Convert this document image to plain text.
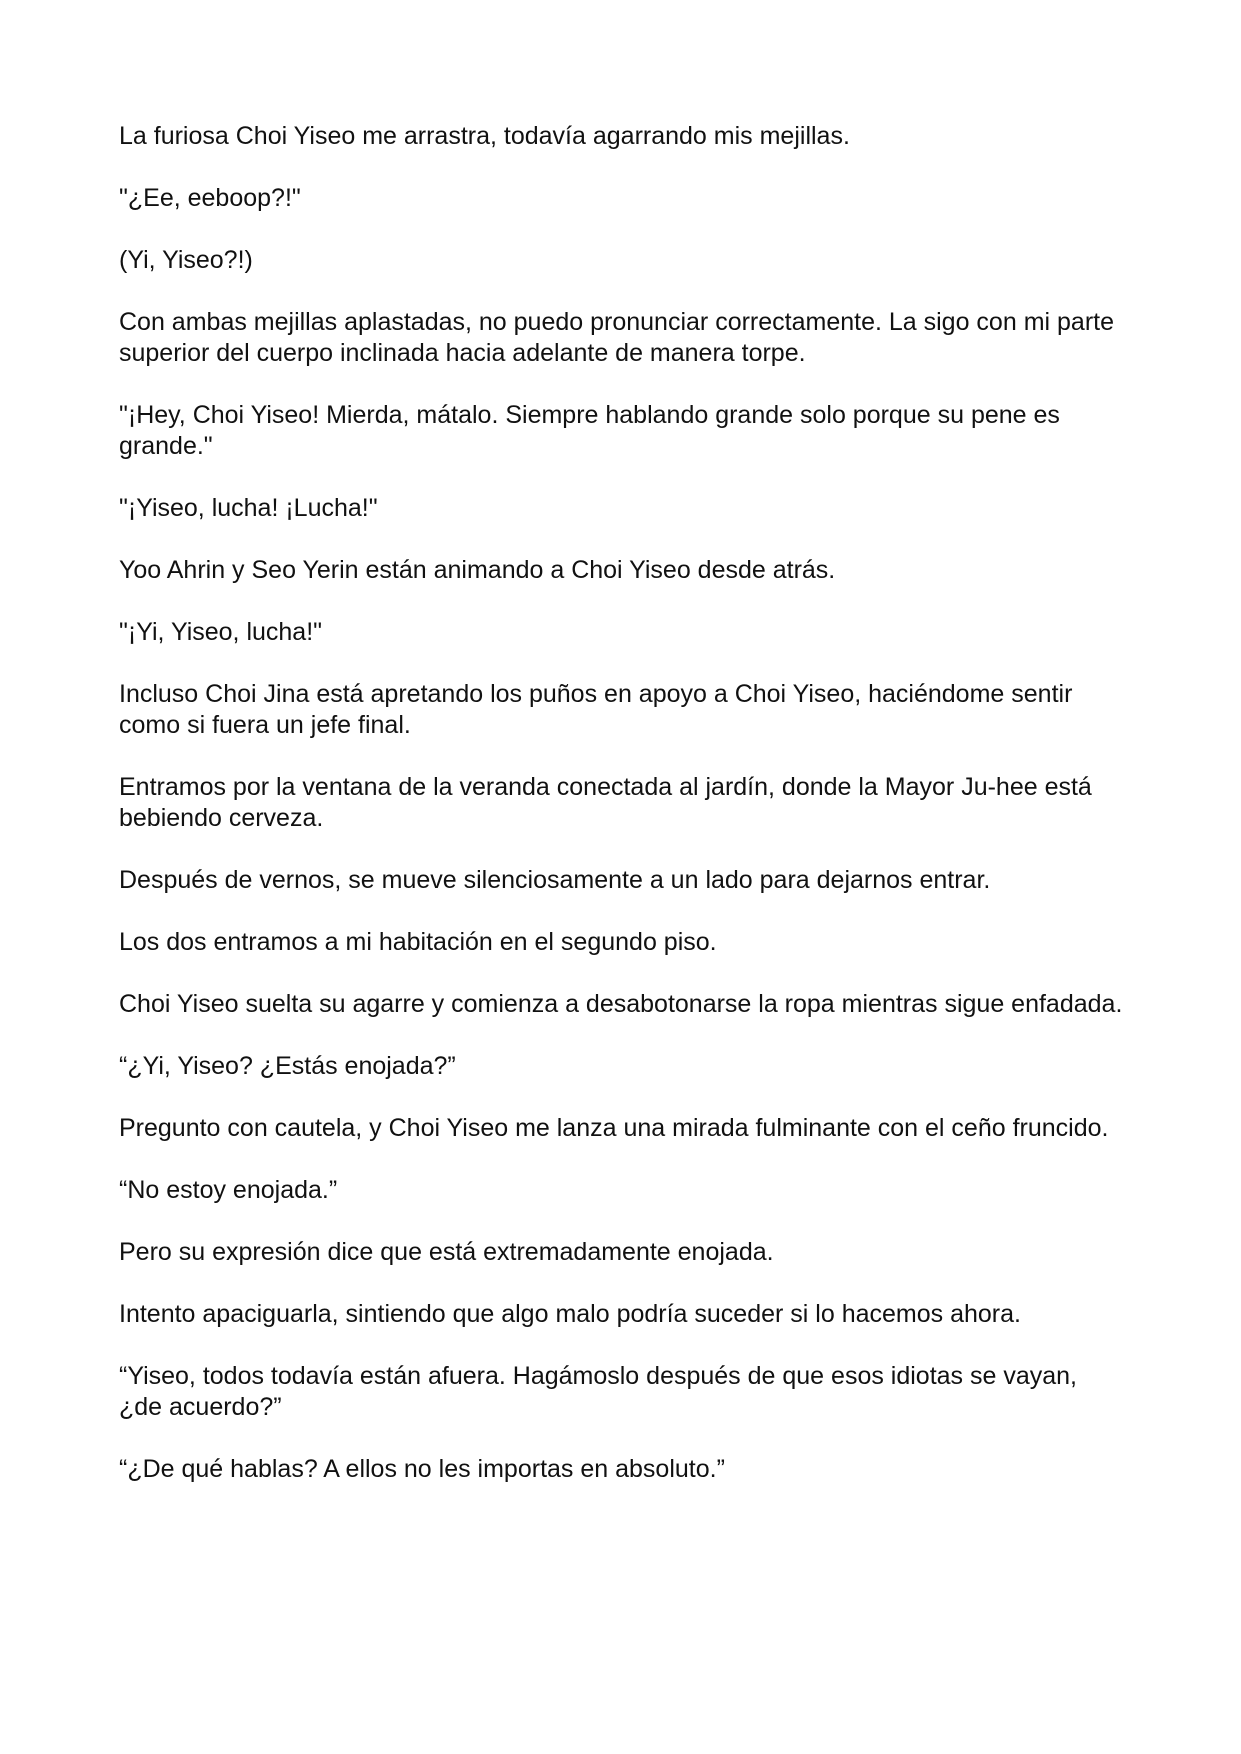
La furiosa Choi Yiseo me arrastra, todavía agarrando mis mejillas.

"¿Ee, eeboop?!"

(Yi, Yiseo?!)

Con ambas mejillas aplastadas, no puedo pronunciar correctamente. La sigo con mi parte superior del cuerpo inclinada hacia adelante de manera torpe.

"¡Hey, Choi Yiseo! Mierda, mátalo. Siempre hablando grande solo porque su pene es grande."

"¡Yiseo, lucha! ¡Lucha!"

Yoo Ahrin y Seo Yerin están animando a Choi Yiseo desde atrás.

"¡Yi, Yiseo, lucha!"

Incluso Choi Jina está apretando los puños en apoyo a Choi Yiseo, haciéndome sentir como si fuera un jefe final.

Entramos por la ventana de la veranda conectada al jardín, donde la Mayor Ju-hee está bebiendo cerveza.

Después de vernos, se mueve silenciosamente a un lado para dejarnos entrar.

Los dos entramos a mi habitación en el segundo piso.

Choi Yiseo suelta su agarre y comienza a desabotonarse la ropa mientras sigue enfadada.

“¿Yi, Yiseo? ¿Estás enojada?”

Pregunto con cautela, y Choi Yiseo me lanza una mirada fulminante con el ceño fruncido.

“No estoy enojada.”

Pero su expresión dice que está extremadamente enojada.

Intento apaciguarla, sintiendo que algo malo podría suceder si lo hacemos ahora.

“Yiseo, todos todavía están afuera. Hagámoslo después de que esos idiotas se vayan, ¿de acuerdo?”

“¿De qué hablas? A ellos no les importas en absoluto.”
